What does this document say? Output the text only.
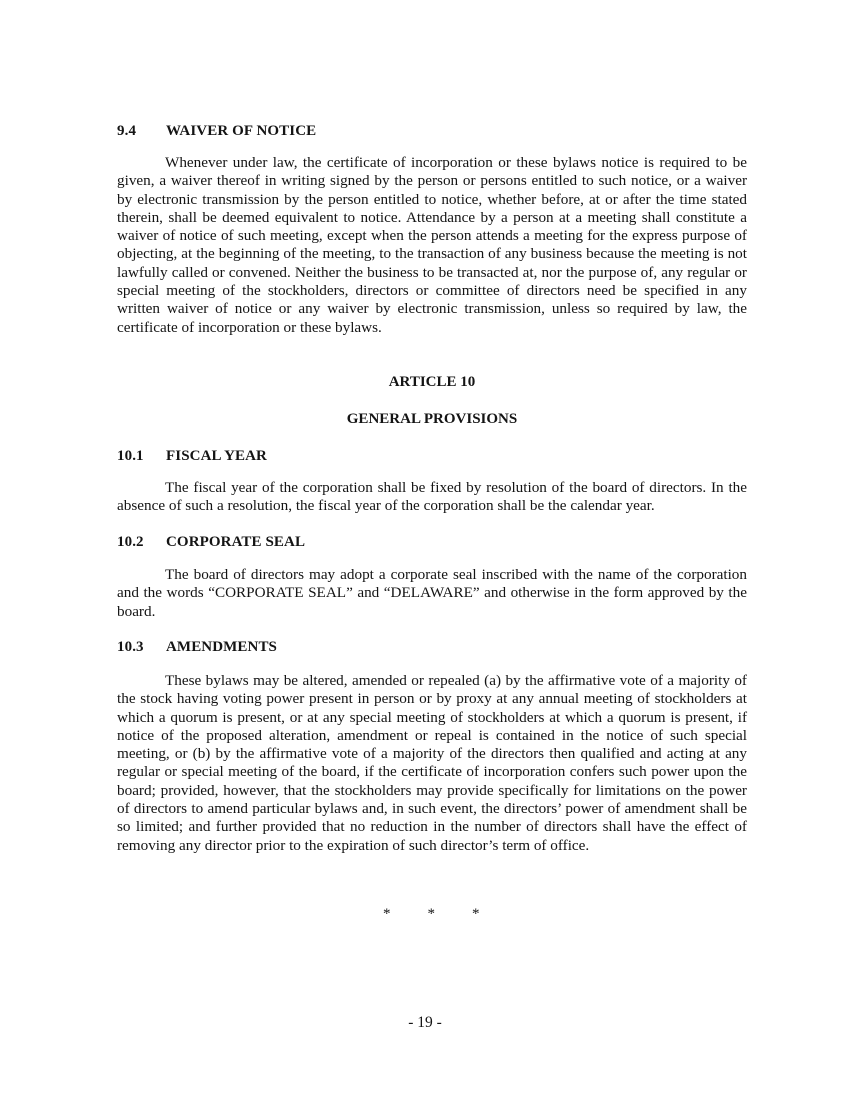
9.4 WAIVER OF NOTICE
Whenever under law, the certificate of incorporation or these bylaws notice is required to be given, a waiver thereof in writing signed by the person or persons entitled to such notice, or a waiver by electronic transmission by the person entitled to notice, whether before, at or after the time stated therein, shall be deemed equivalent to notice. Attendance by a person at a meeting shall constitute a waiver of notice of such meeting, except when the person attends a meeting for the express purpose of objecting, at the beginning of the meeting, to the transaction of any business because the meeting is not lawfully called or convened. Neither the business to be transacted at, nor the purpose of, any regular or special meeting of the stockholders, directors or committee of directors need be specified in any written waiver of notice or any waiver by electronic transmission, unless so required by law, the certificate of incorporation or these bylaws.
ARTICLE 10
GENERAL PROVISIONS
10.1 FISCAL YEAR
The fiscal year of the corporation shall be fixed by resolution of the board of directors. In the absence of such a resolution, the fiscal year of the corporation shall be the calendar year.
10.2 CORPORATE SEAL
The board of directors may adopt a corporate seal inscribed with the name of the corporation and the words “CORPORATE SEAL” and “DELAWARE” and otherwise in the form approved by the board.
10.3 AMENDMENTS
These bylaws may be altered, amended or repealed (a) by the affirmative vote of a majority of the stock having voting power present in person or by proxy at any annual meeting of stockholders at which a quorum is present, or at any special meeting of stockholders at which a quorum is present, if notice of the proposed alteration, amendment or repeal is contained in the notice of such special meeting, or (b) by the affirmative vote of a majority of the directors then qualified and acting at any regular or special meeting of the board, if the certificate of incorporation confers such power upon the board; provided, however, that the stockholders may provide specifically for limitations on the power of directors to amend particular bylaws and, in such event, the directors’ power of amendment shall be so limited; and further provided that no reduction in the number of directors shall have the effect of removing any director prior to the expiration of such director’s term of office.
* * *
- 19 -
